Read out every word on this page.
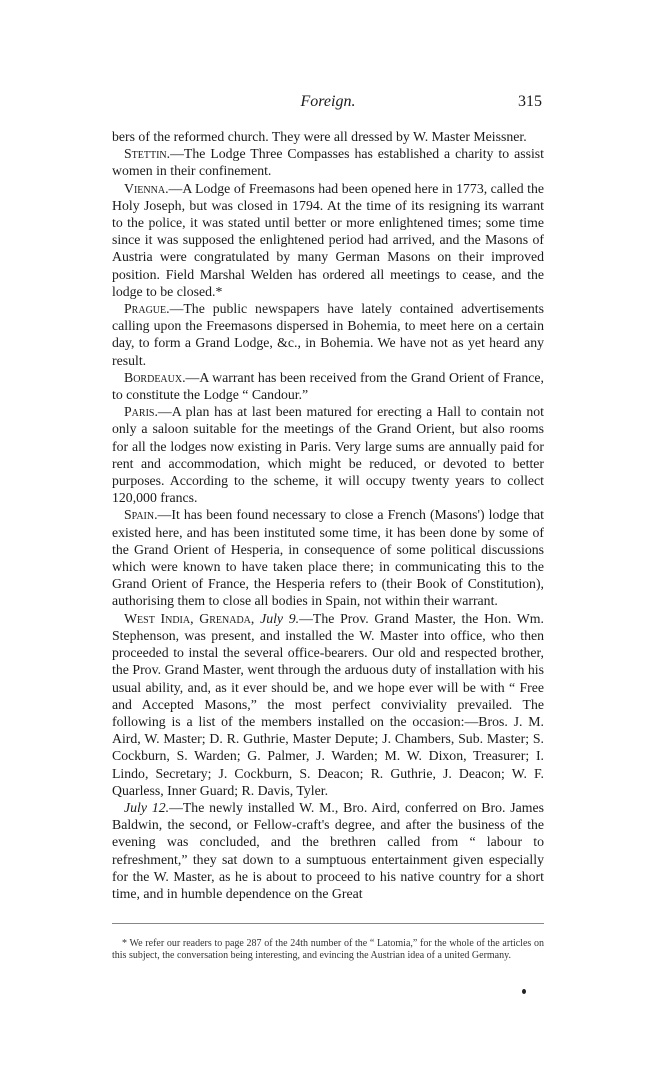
Foreign.	315

bers of the reformed church. They were all dressed by W. Master Meissner.

Stettin.—The Lodge Three Compasses has established a charity to assist women in their confinement.

Vienna.—A Lodge of Freemasons had been opened here in 1773, called the Holy Joseph, but was closed in 1794. At the time of its resigning its warrant to the police, it was stated until better or more enlightened times; some time since it was supposed the enlightened period had arrived, and the Masons of Austria were congratulated by many German Masons on their improved position. Field Marshal Welden has ordered all meetings to cease, and the lodge to be closed.*

Prague.—The public newspapers have lately contained advertisements calling upon the Freemasons dispersed in Bohemia, to meet here on a certain day, to form a Grand Lodge, &c., in Bohemia. We have not as yet heard any result.

Bordeaux.—A warrant has been received from the Grand Orient of France, to constitute the Lodge “ Candour.”

Paris.—A plan has at last been matured for erecting a Hall to contain not only a saloon suitable for the meetings of the Grand Orient, but also rooms for all the lodges now existing in Paris. Very large sums are annually paid for rent and accommodation, which might be reduced, or devoted to better purposes. According to the scheme, it will occupy twenty years to collect 120,000 francs.

Spain.—It has been found necessary to close a French (Masons') lodge that existed here, and has been instituted some time, it has been done by some of the Grand Orient of Hesperia, in consequence of some political discussions which were known to have taken place there; in communicating this to the Grand Orient of France, the Hesperia refers to (their Book of Constitution), authorising them to close all bodies in Spain, not within their warrant.

West India, Grenada, July 9.—The Prov. Grand Master, the Hon. Wm. Stephenson, was present, and installed the W. Master into office, who then proceeded to instal the several office-bearers. Our old and respected brother, the Prov. Grand Master, went through the arduous duty of installation with his usual ability, and, as it ever should be, and we hope ever will be with “ Free and Accepted Masons,” the most perfect conviviality prevailed. The following is a list of the members installed on the occasion:—Bros. J. M. Aird, W. Master; D. R. Guthrie, Master Depute; J. Chambers, Sub. Master; S. Cockburn, S. Warden; G. Palmer, J. Warden; M. W. Dixon, Treasurer; I. Lindo, Secretary; J. Cockburn, S. Deacon; R. Guthrie, J. Deacon; W. F. Quarless, Inner Guard; R. Davis, Tyler.

July 12.—The newly installed W. M., Bro. Aird, conferred on Bro. James Baldwin, the second, or Fellow-craft's degree, and after the business of the evening was concluded, and the brethren called from “ labour to refreshment,” they sat down to a sumptuous entertainment given especially for the W. Master, as he is about to proceed to his native country for a short time, and in humble dependence on the Great

* We refer our readers to page 287 of the 24th number of the “ Latomia,” for the whole of the articles on this subject, the conversation being interesting, and evincing the Austrian idea of a united Germany.
